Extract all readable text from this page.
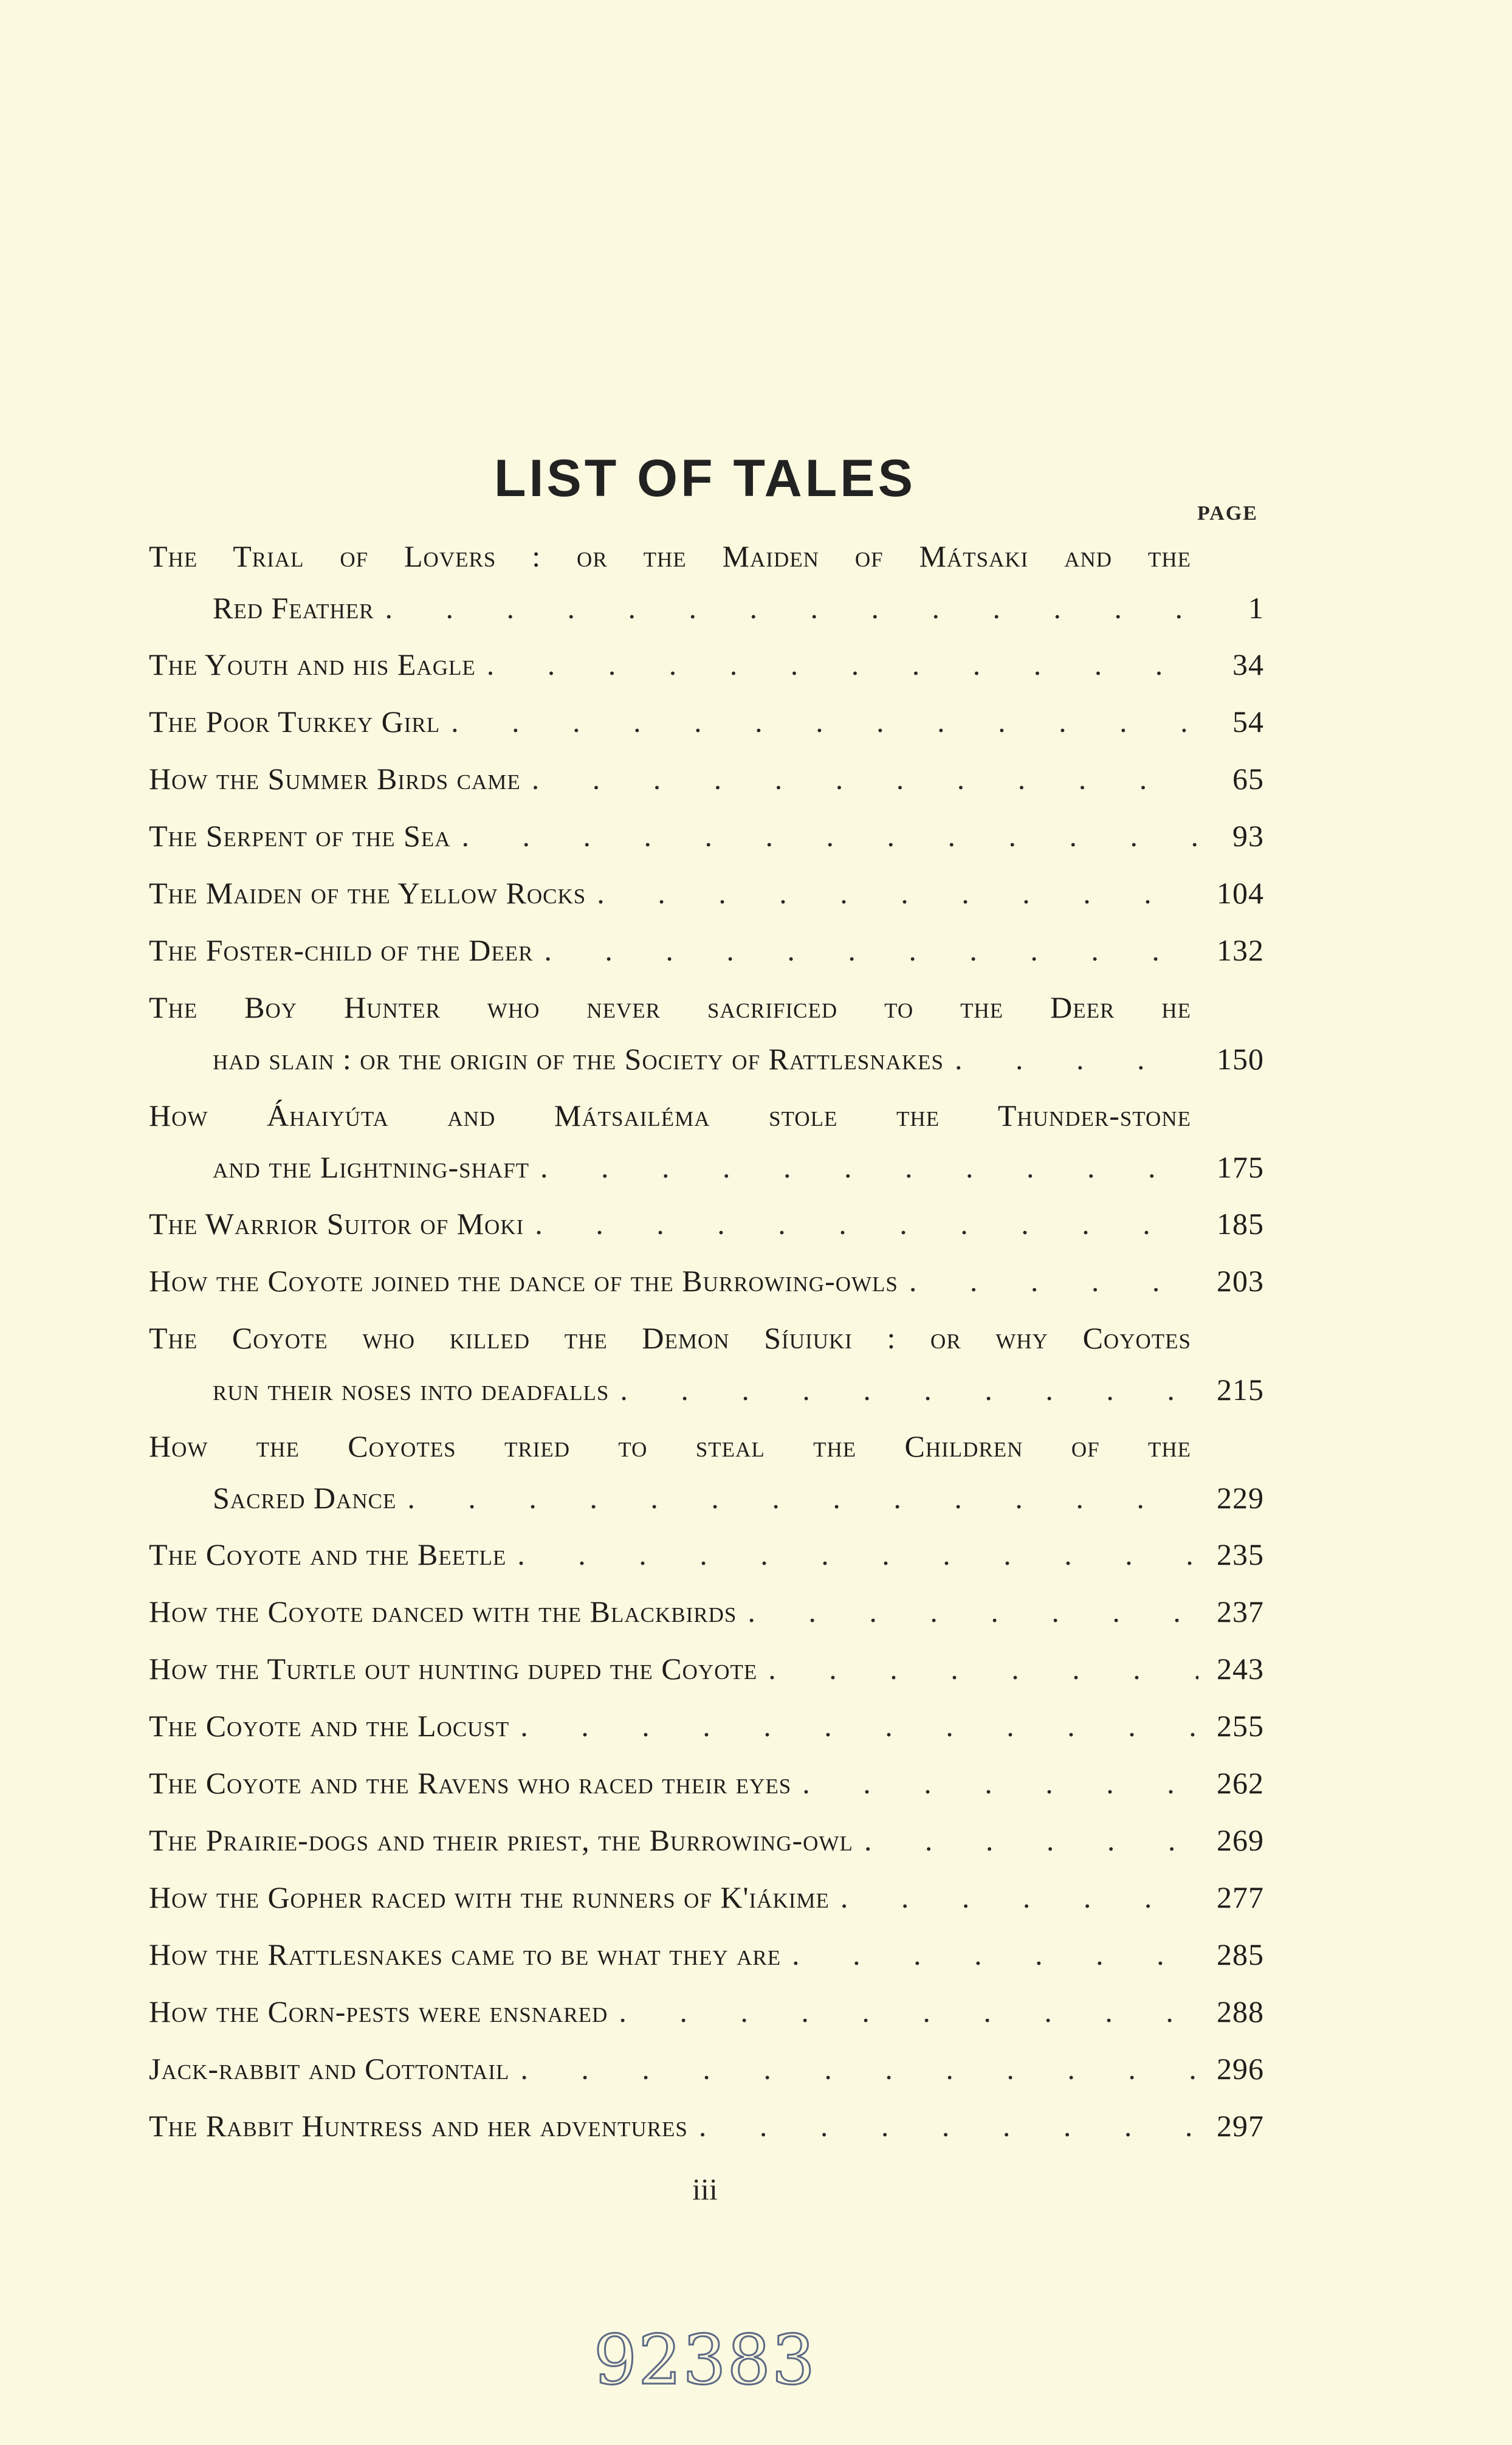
LIST OF TALES
PAGE
The Trial of Lovers : or the Maiden of Mátsaki and the
Red Feather .	1
The Youth and his Eagle .	34
The Poor Turkey Girl .	54
How the Summer Birds came .	65
The Serpent of the Sea .	93
The Maiden of the Yellow Rocks .	104
The Foster-child of the Deer .	132
The Boy Hunter who never sacrificed to the Deer he
had slain : or the origin of the Society of Rattlesnakes .	150
How Áhaiyúta and Mátsailéma stole the Thunder-stone
and the Lightning-shaft .	175
The Warrior Suitor of Moki .	185
How the Coyote joined the dance of the Burrowing-owls .	203
The Coyote who killed the Demon Síuiuki : or why Coyotes
run their noses into deadfalls .	215
How the Coyotes tried to steal the Children of the
Sacred Dance .	229
The Coyote and the Beetle .	235
How the Coyote danced with the Blackbirds .	237
How the Turtle out hunting duped the Coyote .	243
The Coyote and the Locust .	255
The Coyote and the Ravens who raced their eyes .	262
The Prairie-dogs and their priest, the Burrowing-owl .	269
How the Gopher raced with the runners of K'iákime .	277
How the Rattlesnakes came to be what they are .	285
How the Corn-pests were ensnared .	288
Jack-rabbit and Cottontail .	296
The Rabbit Huntress and her adventures .	297
iii
92383
